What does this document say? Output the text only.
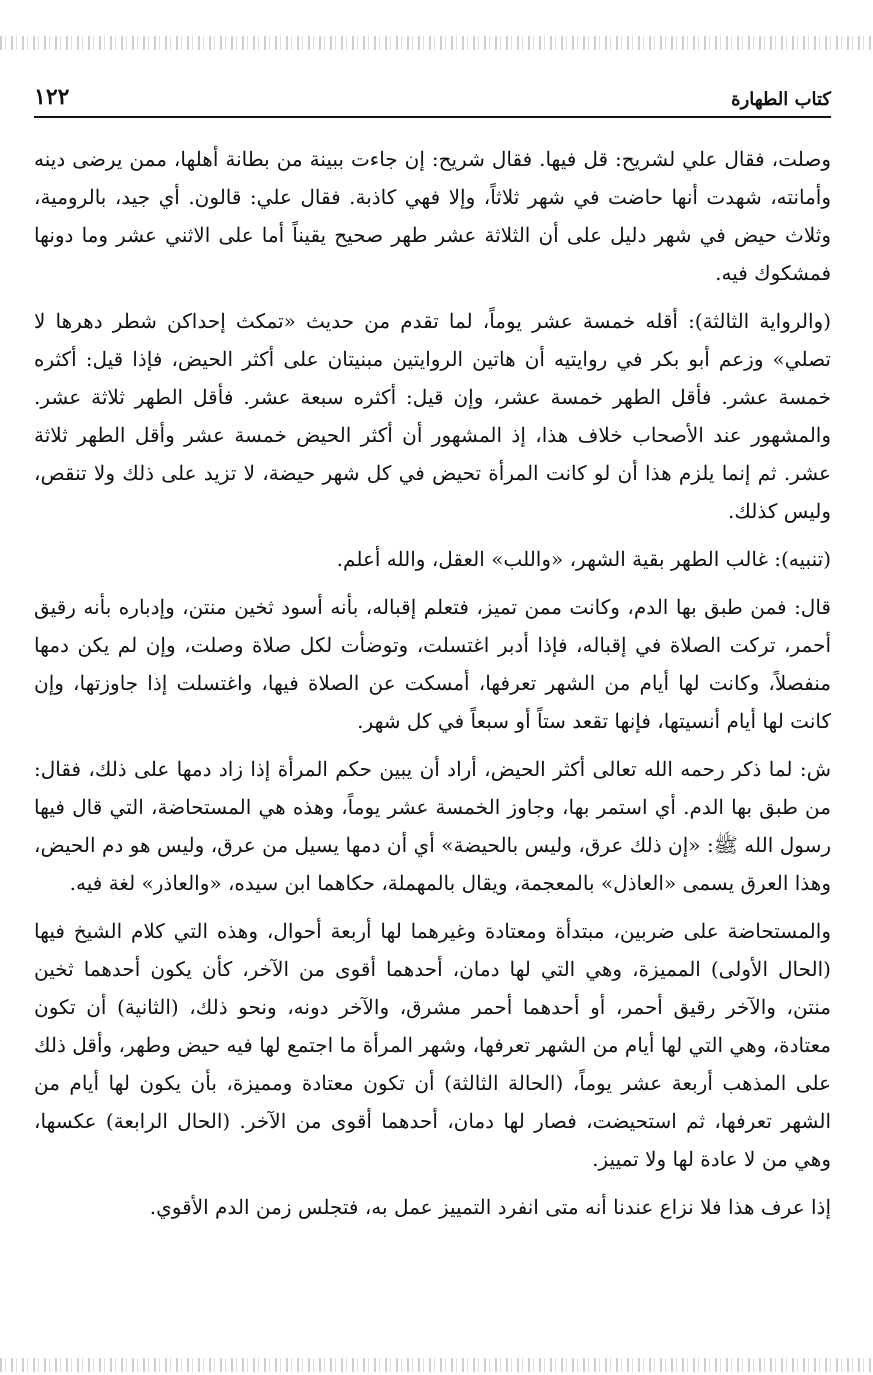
كتاب الطهارة
١٢٢

وصلت، فقال علي لشريح: قل فيها. فقال شريح: إن جاءت ببينة من بطانة أهلها، ممن يرضى دينه وأمانته، شهدت أنها حاضت في شهر ثلاثاً، وإلا فهي كاذبة. فقال علي: قالون. أي جيد، بالرومية، وثلاث حيض في شهر دليل على أن الثلاثة عشر طهر صحيح يقيناً أما على الاثني عشر وما دونها فمشكوك فيه.

(والرواية الثالثة): أقله خمسة عشر يوماً، لما تقدم من حديث «تمكث إحداكن شطر دهرها لا تصلي» وزعم أبو بكر في روايتيه أن هاتين الروايتين مبنيتان على أكثر الحيض، فإذا قيل: أكثره خمسة عشر. فأقل الطهر خمسة عشر، وإن قيل: أكثره سبعة عشر. فأقل الطهر ثلاثة عشر. والمشهور عند الأصحاب خلاف هذا، إذ المشهور أن أكثر الحيض خمسة عشر وأقل الطهر ثلاثة عشر. ثم إنما يلزم هذا أن لو كانت المرأة تحيض في كل شهر حيضة، لا تزيد على ذلك ولا تنقص، وليس كذلك.

(تنبيه): غالب الطهر بقية الشهر، «واللب» العقل، والله أعلم.

قال: فمن طبق بها الدم، وكانت ممن تميز، فتعلم إقباله، بأنه أسود ثخين منتن، وإدباره بأنه رقيق أحمر، تركت الصلاة في إقباله، فإذا أدبر اغتسلت، وتوضأت لكل صلاة وصلت، وإن لم يكن دمها منفصلاً، وكانت لها أيام من الشهر تعرفها، أمسكت عن الصلاة فيها، واغتسلت إذا جاوزتها، وإن كانت لها أيام أنسيتها، فإنها تقعد ستاً أو سبعاً في كل شهر.

ش: لما ذكر رحمه الله تعالى أكثر الحيض، أراد أن يبين حكم المرأة إذا زاد دمها على ذلك، فقال: من طبق بها الدم. أي استمر بها، وجاوز الخمسة عشر يوماً، وهذه هي المستحاضة، التي قال فيها رسول الله ﷺ: «إن ذلك عرق، وليس بالحيضة» أي أن دمها يسيل من عرق، وليس هو دم الحيض، وهذا العرق يسمى «العاذل» بالمعجمة، ويقال بالمهملة، حكاهما ابن سيده، «والعاذر» لغة فيه.

والمستحاضة على ضربين، مبتدأة ومعتادة وغيرهما لها أربعة أحوال، وهذه التي كلام الشيخ فيها (الحال الأولى) المميزة، وهي التي لها دمان، أحدهما أقوى من الآخر، كأن يكون أحدهما ثخين منتن، والآخر رقيق أحمر، أو أحدهما أحمر مشرق، والآخر دونه، ونحو ذلك، (الثانية) أن تكون معتادة، وهي التي لها أيام من الشهر تعرفها، وشهر المرأة ما اجتمع لها فيه حيض وطهر، وأقل ذلك على المذهب أربعة عشر يوماً، (الحالة الثالثة) أن تكون معتادة ومميزة، بأن يكون لها أيام من الشهر تعرفها، ثم استحيضت، فصار لها دمان، أحدهما أقوى من الآخر. (الحال الرابعة) عكسها، وهي من لا عادة لها ولا تمييز.

إذا عرف هذا فلا نزاع عندنا أنه متى انفرد التمييز عمل به، فتجلس زمن الدم الأقوي.
